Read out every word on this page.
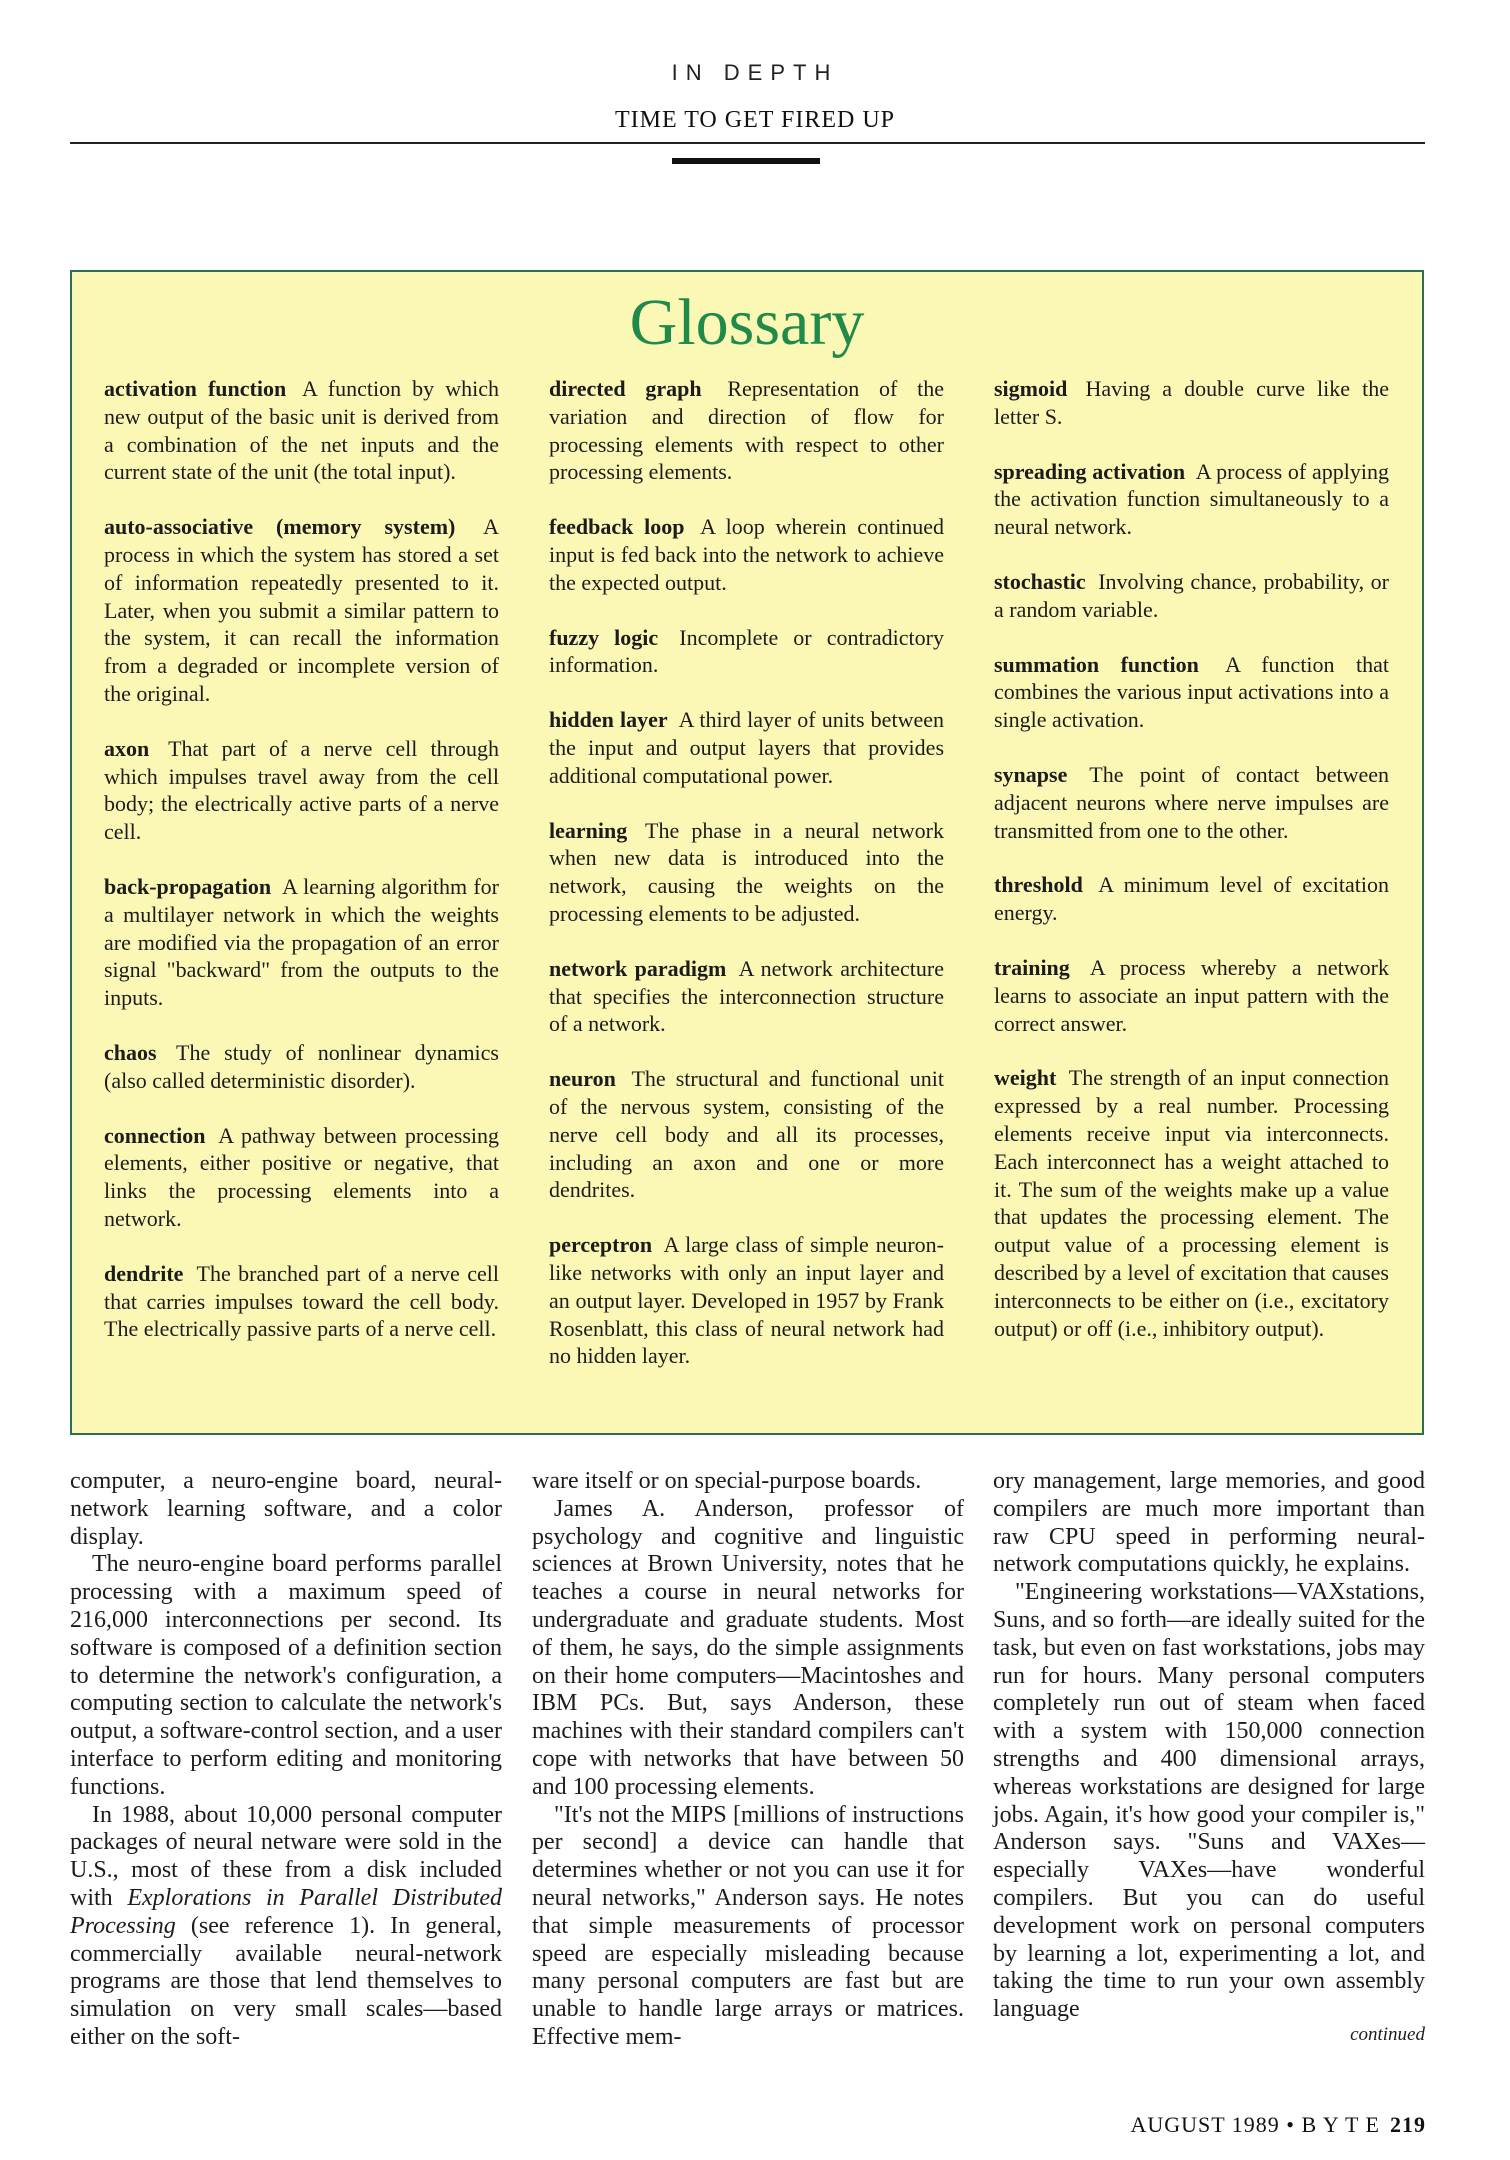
IN DEPTH
TIME TO GET FIRED UP
Glossary
activation function A function by which new output of the basic unit is derived from a combination of the net inputs and the current state of the unit (the total input).
auto-associative (memory system) A process in which the system has stored a set of information repeatedly presented to it. Later, when you submit a similar pattern to the system, it can recall the information from a degraded or incomplete version of the original.
axon That part of a nerve cell through which impulses travel away from the cell body; the electrically active parts of a nerve cell.
back-propagation A learning algorithm for a multilayer network in which the weights are modified via the propagation of an error signal "backward" from the outputs to the inputs.
chaos The study of nonlinear dynamics (also called deterministic disorder).
connection A pathway between processing elements, either positive or negative, that links the processing elements into a network.
dendrite The branched part of a nerve cell that carries impulses toward the cell body. The electrically passive parts of a nerve cell.
directed graph Representation of the variation and direction of flow for processing elements with respect to other processing elements.
feedback loop A loop wherein continued input is fed back into the network to achieve the expected output.
fuzzy logic Incomplete or contradictory information.
hidden layer A third layer of units between the input and output layers that provides additional computational power.
learning The phase in a neural network when new data is introduced into the network, causing the weights on the processing elements to be adjusted.
network paradigm A network architecture that specifies the interconnection structure of a network.
neuron The structural and functional unit of the nervous system, consisting of the nerve cell body and all its processes, including an axon and one or more dendrites.
perceptron A large class of simple neuron-like networks with only an input layer and an output layer. Developed in 1957 by Frank Rosenblatt, this class of neural network had no hidden layer.
sigmoid Having a double curve like the letter S.
spreading activation A process of applying the activation function simultaneously to a neural network.
stochastic Involving chance, probability, or a random variable.
summation function A function that combines the various input activations into a single activation.
synapse The point of contact between adjacent neurons where nerve impulses are transmitted from one to the other.
threshold A minimum level of excitation energy.
training A process whereby a network learns to associate an input pattern with the correct answer.
weight The strength of an input connection expressed by a real number. Processing elements receive input via interconnects. Each interconnect has a weight attached to it. The sum of the weights make up a value that updates the processing element. The output value of a processing element is described by a level of excitation that causes interconnects to be either on (i.e., excitatory output) or off (i.e., inhibitory output).

computer, a neuro-engine board, neural-network learning software, and a color display.

The neuro-engine board performs parallel processing with a maximum speed of 216,000 interconnections per second. Its software is composed of a definition section to determine the network's configuration, a computing section to calculate the network's output, a software-control section, and a user interface to perform editing and monitoring functions.

In 1988, about 10,000 personal computer packages of neural netware were sold in the U.S., most of these from a disk included with Explorations in Parallel Distributed Processing (see reference 1). In general, commercially available neural-network programs are those that lend themselves to simulation on very small scales—based either on the soft-

ware itself or on special-purpose boards.

James A. Anderson, professor of psychology and cognitive and linguistic sciences at Brown University, notes that he teaches a course in neural networks for undergraduate and graduate students. Most of them, he says, do the simple assignments on their home computers—Macintoshes and IBM PCs. But, says Anderson, these machines with their standard compilers can't cope with networks that have between 50 and 100 processing elements.

"It's not the MIPS [millions of instructions per second] a device can handle that determines whether or not you can use it for neural networks," Anderson says. He notes that simple measurements of processor speed are especially misleading because many personal computers are fast but are unable to handle large arrays or matrices. Effective mem-

ory management, large memories, and good compilers are much more important than raw CPU speed in performing neural-network computations quickly, he explains.

"Engineering workstations—VAXstations, Suns, and so forth—are ideally suited for the task, but even on fast workstations, jobs may run for hours. Many personal computers completely run out of steam when faced with a system with 150,000 connection strengths and 400 dimensional arrays, whereas workstations are designed for large jobs. Again, it's how good your compiler is," Anderson says. "Suns and VAXes—especially VAXes—have wonderful compilers. But you can do useful development work on personal computers by learning a lot, experimenting a lot, and taking the time to run your own assembly language

continued
AUGUST 1989 • B Y T E 219
